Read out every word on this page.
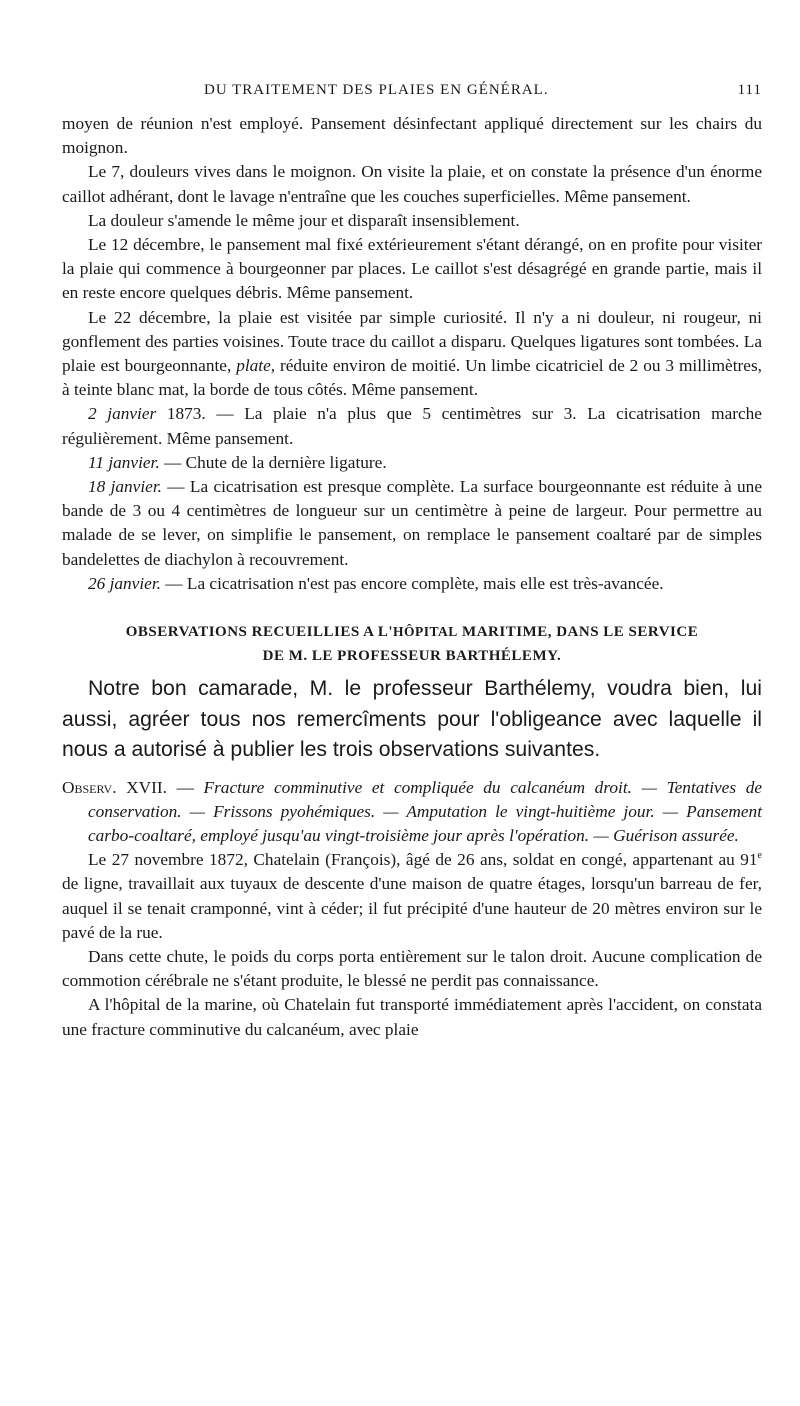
DU TRAITEMENT DES PLAIES EN GÉNÉRAL.	111

moyen de réunion n'est employé. Pansement désinfectant appliqué directement sur les chairs du moignon.

Le 7, douleurs vives dans le moignon. On visite la plaie, et on constate la présence d'un énorme caillot adhérant, dont le lavage n'entraîne que les couches superficielles. Même pansement.

La douleur s'amende le même jour et disparaît insensiblement.

Le 12 décembre, le pansement mal fixé extérieurement s'étant dérangé, on en profite pour visiter la plaie qui commence à bourgeonner par places. Le caillot s'est désagrégé en grande partie, mais il en reste encore quelques débris. Même pansement.

Le 22 décembre, la plaie est visitée par simple curiosité. Il n'y a ni douleur, ni rougeur, ni gonflement des parties voisines. Toute trace du caillot a disparu. Quelques ligatures sont tombées. La plaie est bourgeonnante, plate, réduite environ de moitié. Un limbe cicatriciel de 2 ou 3 millimètres, à teinte blanc mat, la borde de tous côtés. Même pansement.

2 janvier 1873. — La plaie n'a plus que 5 centimètres sur 3. La cicatrisation marche régulièrement. Même pansement.

11 janvier. — Chute de la dernière ligature.

18 janvier. — La cicatrisation est presque complète. La surface bourgeonnante est réduite à une bande de 3 ou 4 centimètres de longueur sur un centimètre à peine de largeur. Pour permettre au malade de se lever, on simplifie le pansement, on remplace le pansement coaltaré par de simples bandelettes de diachylon à recouvrement.

26 janvier. — La cicatrisation n'est pas encore complète, mais elle est très-avancée.

OBSERVATIONS RECUEILLIES A L'HÔPITAL MARITIME, DANS LE SERVICE
DE M. LE PROFESSEUR BARTHÉLEMY.

Notre bon camarade, M. le professeur Barthélemy, voudra bien, lui aussi, agréer tous nos remercîments pour l'obligeance avec laquelle il nous a autorisé à publier les trois observations suivantes.

Observ. XVII. — Fracture comminutive et compliquée du calcanéum droit. — Tentatives de conservation. — Frissons pyohémiques. — Amputation le vingt-huitième jour. — Pansement carbo-coaltaré, employé jusqu'au vingt-troisième jour après l'opération. — Guérison assurée.

Le 27 novembre 1872, Chatelain (François), âgé de 26 ans, soldat en congé, appartenant au 91e de ligne, travaillait aux tuyaux de descente d'une maison de quatre étages, lorsqu'un barreau de fer, auquel il se tenait cramponné, vint à céder; il fut précipité d'une hauteur de 20 mètres environ sur le pavé de la rue.

Dans cette chute, le poids du corps porta entièrement sur le talon droit. Aucune complication de commotion cérébrale ne s'étant produite, le blessé ne perdit pas connaissance.

A l'hôpital de la marine, où Chatelain fut transporté immédiatement après l'accident, on constata une fracture comminutive du calcanéum, avec plaie
